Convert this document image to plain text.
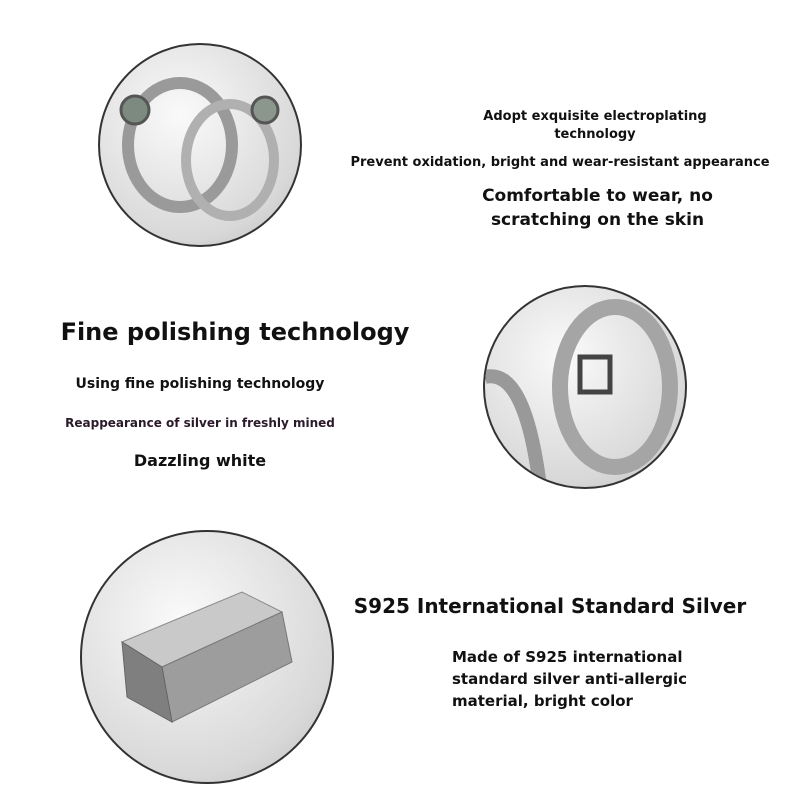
Adopt exquisite electroplating technology
Prevent oxidation, bright and wear-resistant appearance
Comfortable to wear, no scratching on the skin
Fine polishing technology
Using fine polishing technology
Reappearance of silver in freshly mined
Dazzling white
S925 International Standard Silver
Made of S925 international standard silver anti-allergic material, bright color
